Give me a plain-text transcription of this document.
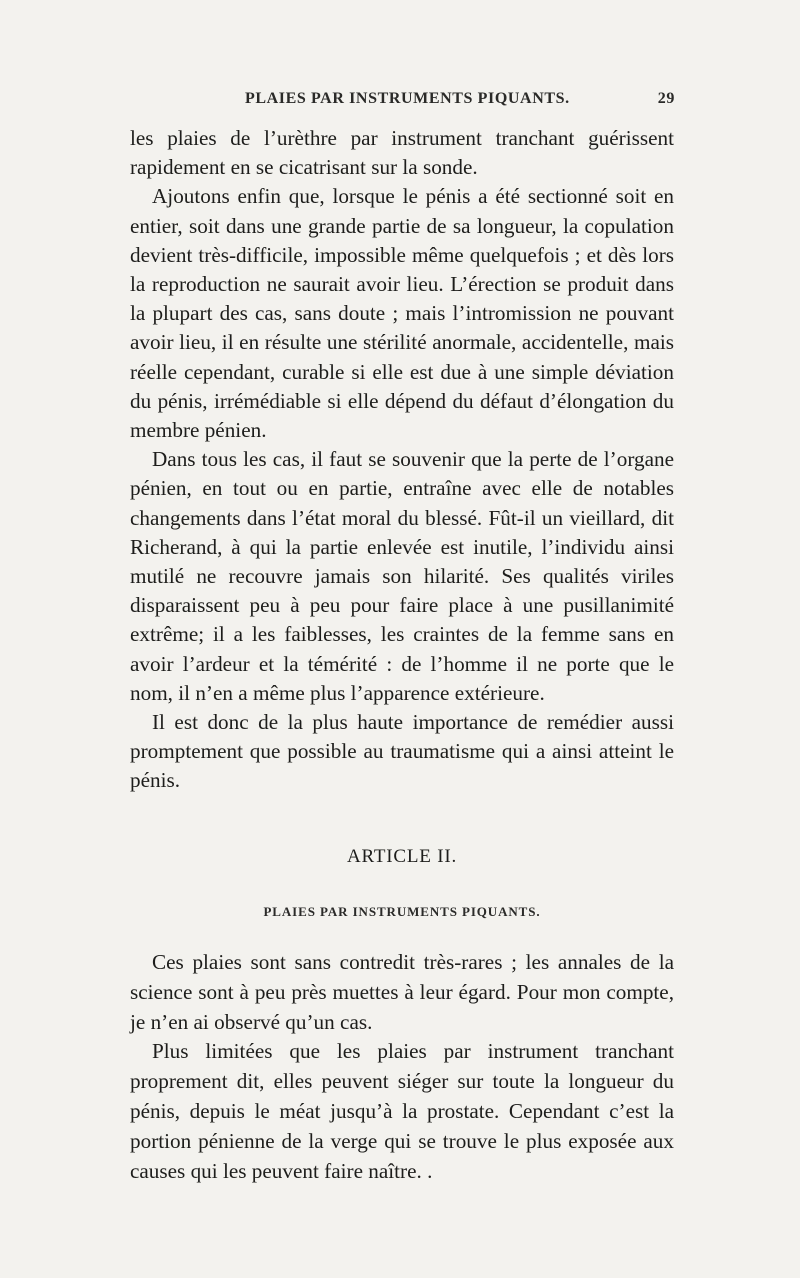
PLAIES PAR INSTRUMENTS PIQUANTS.	29

les plaies de l’urèthre par instrument tranchant guérissent rapidement en se cicatrisant sur la sonde.

Ajoutons enfin que, lorsque le pénis a été sectionné soit en entier, soit dans une grande partie de sa longueur, la copulation devient très-difficile, impossible même quelquefois ; et dès lors la reproduction ne saurait avoir lieu. L’érection se produit dans la plupart des cas, sans doute ; mais l’intromission ne pouvant avoir lieu, il en résulte une stérilité anormale, accidentelle, mais réelle cependant, curable si elle est due à une simple déviation du pénis, irrémédiable si elle dépend du défaut d’élongation du membre pénien.

Dans tous les cas, il faut se souvenir que la perte de l’organe pénien, en tout ou en partie, entraîne avec elle de notables changements dans l’état moral du blessé. Fût-il un vieillard, dit Richerand, à qui la partie enlevée est inutile, l’individu ainsi mutilé ne recouvre jamais son hilarité. Ses qualités viriles disparaissent peu à peu pour faire place à une pusillanimité extrême; il a les faiblesses, les craintes de la femme sans en avoir l’ardeur et la témérité : de l’homme il ne porte que le nom, il n’en a même plus l’apparence extérieure.

Il est donc de la plus haute importance de remédier aussi promptement que possible au traumatisme qui a ainsi atteint le pénis.

ARTICLE II.
PLAIES PAR INSTRUMENTS PIQUANTS.

Ces plaies sont sans contredit très-rares ; les annales de la science sont à peu près muettes à leur égard. Pour mon compte, je n’en ai observé qu’un cas.

Plus limitées que les plaies par instrument tranchant proprement dit, elles peuvent siéger sur toute la longueur du pénis, depuis le méat jusqu’à la prostate. Cependant c’est la portion pénienne de la verge qui se trouve le plus exposée aux causes qui les peuvent faire naître. .
